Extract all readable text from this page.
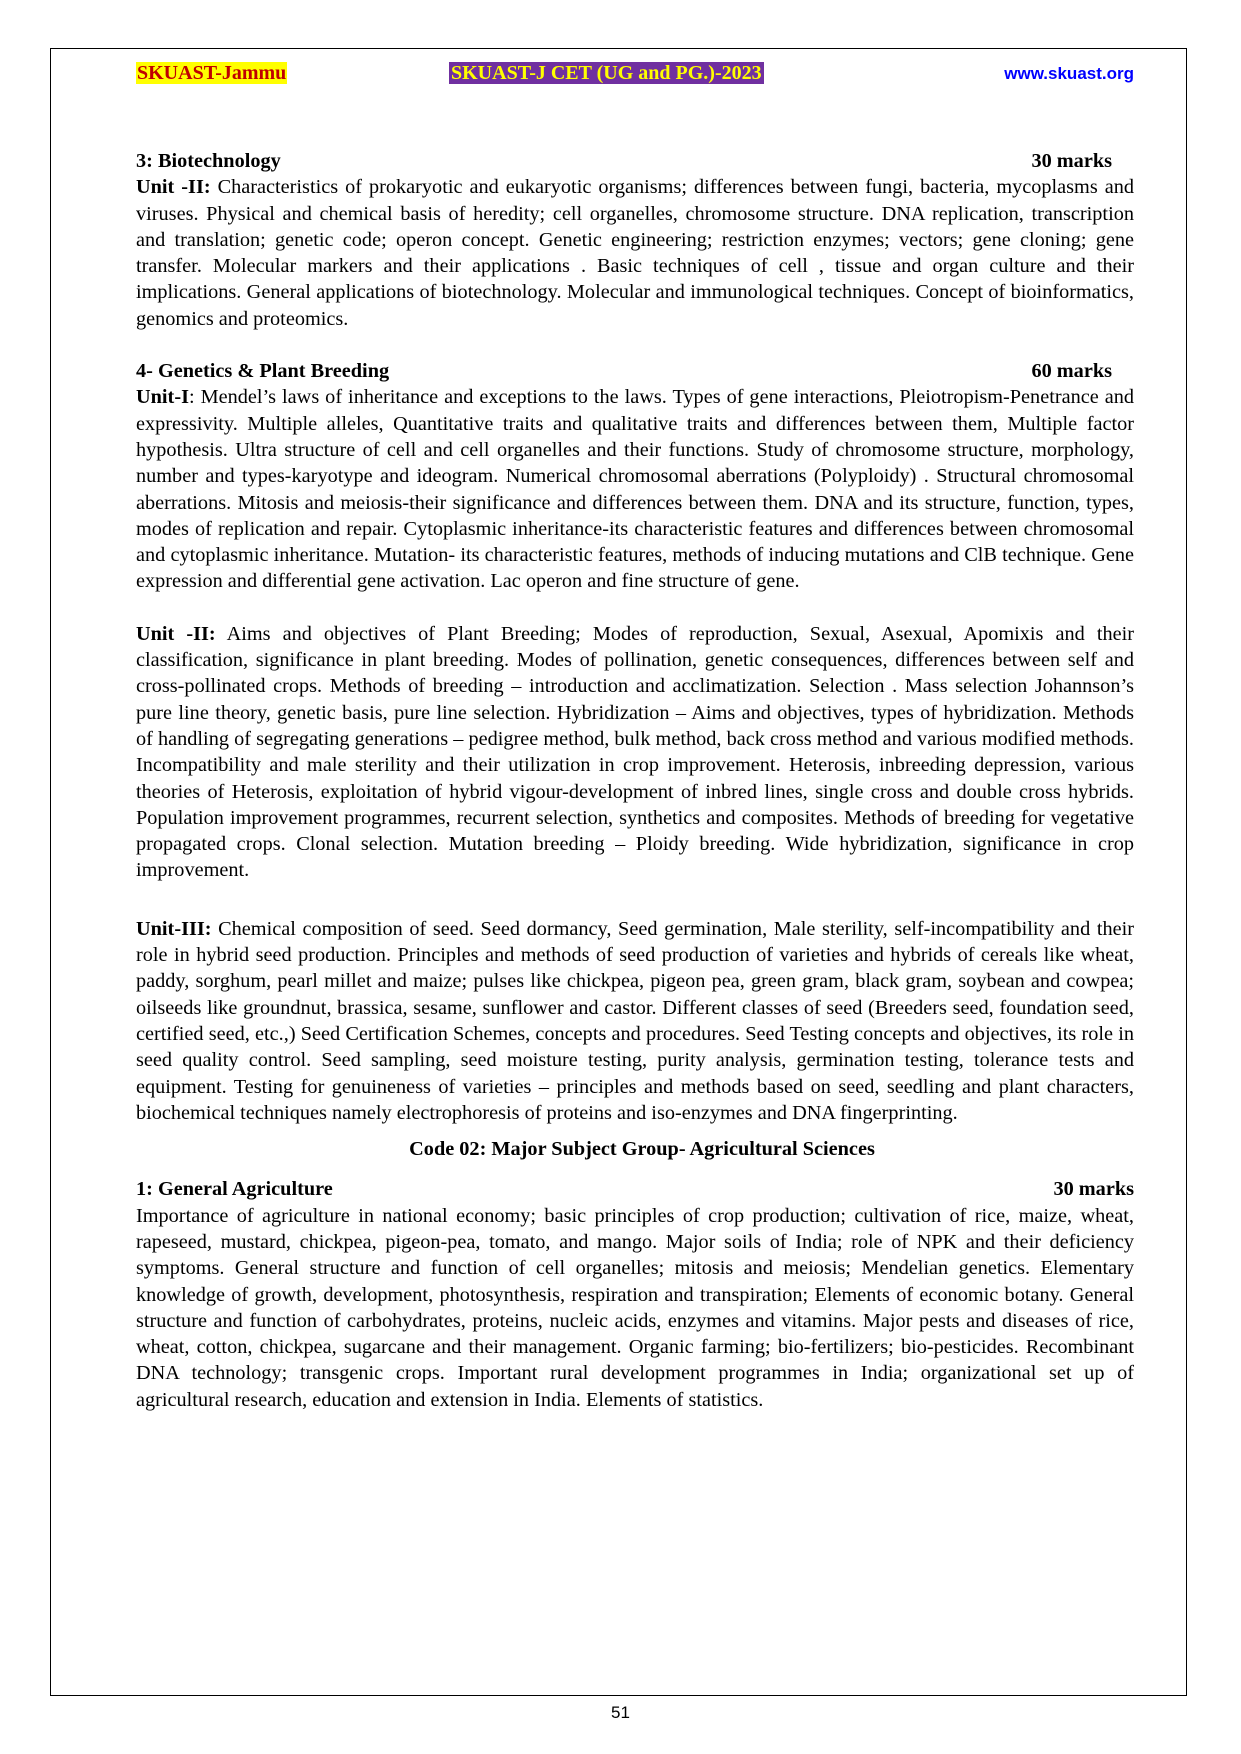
SKUAST-Jammu	SKUAST-J CET (UG and PG.)-2023	www.skuast.org
3: Biotechnology	30 marks

Unit -II: Characteristics of prokaryotic and eukaryotic organisms; differences between fungi, bacteria, mycoplasms and viruses. Physical and chemical basis of heredity; cell organelles, chromosome structure. DNA replication, transcription and translation; genetic code; operon concept. Genetic engineering; restriction enzymes; vectors; gene cloning; gene transfer. Molecular markers and their applications . Basic techniques of cell , tissue and organ culture and their implications. General applications of biotechnology. Molecular and immunological techniques. Concept of bioinformatics, genomics and proteomics.

4- Genetics & Plant Breeding	60 marks

Unit-I: Mendel’s laws of inheritance and exceptions to the laws. Types of gene interactions, Pleiotropism-Penetrance and expressivity. Multiple alleles, Quantitative traits and qualitative traits and differences between them, Multiple factor hypothesis. Ultra structure of cell and cell organelles and their functions. Study of chromosome structure, morphology, number and types-karyotype and ideogram. Numerical chromosomal aberrations (Polyploidy) . Structural chromosomal aberrations. Mitosis and meiosis-their significance and differences between them. DNA and its structure, function, types, modes of replication and repair. Cytoplasmic inheritance-its characteristic features and differences between chromosomal and cytoplasmic inheritance. Mutation- its characteristic features, methods of inducing mutations and ClB technique. Gene expression and differential gene activation. Lac operon and fine structure of gene.

Unit -II: Aims and objectives of Plant Breeding; Modes of reproduction, Sexual, Asexual, Apomixis and their classification, significance in plant breeding. Modes of pollination, genetic consequences, differences between self and cross-pollinated crops. Methods of breeding – introduction and acclimatization. Selection . Mass selection Johannson’s pure line theory, genetic basis, pure line selection. Hybridization – Aims and objectives, types of hybridization. Methods of handling of segregating generations – pedigree method, bulk method, back cross method and various modified methods. Incompatibility and male sterility and their utilization in crop improvement. Heterosis, inbreeding depression, various theories of Heterosis, exploitation of hybrid vigour-development of inbred lines, single cross and double cross hybrids. Population improvement programmes, recurrent selection, synthetics and composites. Methods of breeding for vegetative propagated crops. Clonal selection. Mutation breeding – Ploidy breeding. Wide hybridization, significance in crop improvement.

Unit-III: Chemical composition of seed. Seed dormancy, Seed germination, Male sterility, self-incompatibility and their role in hybrid seed production. Principles and methods of seed production of varieties and hybrids of cereals like wheat, paddy, sorghum, pearl millet and maize; pulses like chickpea, pigeon pea, green gram, black gram, soybean and cowpea; oilseeds like groundnut, brassica, sesame, sunflower and castor. Different classes of seed (Breeders seed, foundation seed, certified seed, etc.,) Seed Certification Schemes, concepts and procedures. Seed Testing concepts and objectives, its role in seed quality control. Seed sampling, seed moisture testing, purity analysis, germination testing, tolerance tests and equipment. Testing for genuineness of varieties – principles and methods based on seed, seedling and plant characters, biochemical techniques namely electrophoresis of proteins and iso-enzymes and DNA fingerprinting.

Code 02: Major Subject Group- Agricultural Sciences
1: General Agriculture	30 marks

Importance of agriculture in national economy; basic principles of crop production; cultivation of rice, maize, wheat, rapeseed, mustard, chickpea, pigeon-pea, tomato, and mango. Major soils of India; role of NPK and their deficiency symptoms. General structure and function of cell organelles; mitosis and meiosis; Mendelian genetics. Elementary knowledge of growth, development, photosynthesis, respiration and transpiration; Elements of economic botany. General structure and function of carbohydrates, proteins, nucleic acids, enzymes and vitamins. Major pests and diseases of rice, wheat, cotton, chickpea, sugarcane and their management. Organic farming; bio-fertilizers; bio-pesticides. Recombinant DNA technology; transgenic crops. Important rural development programmes in India; organizational set up of agricultural research, education and extension in India. Elements of statistics.

51
